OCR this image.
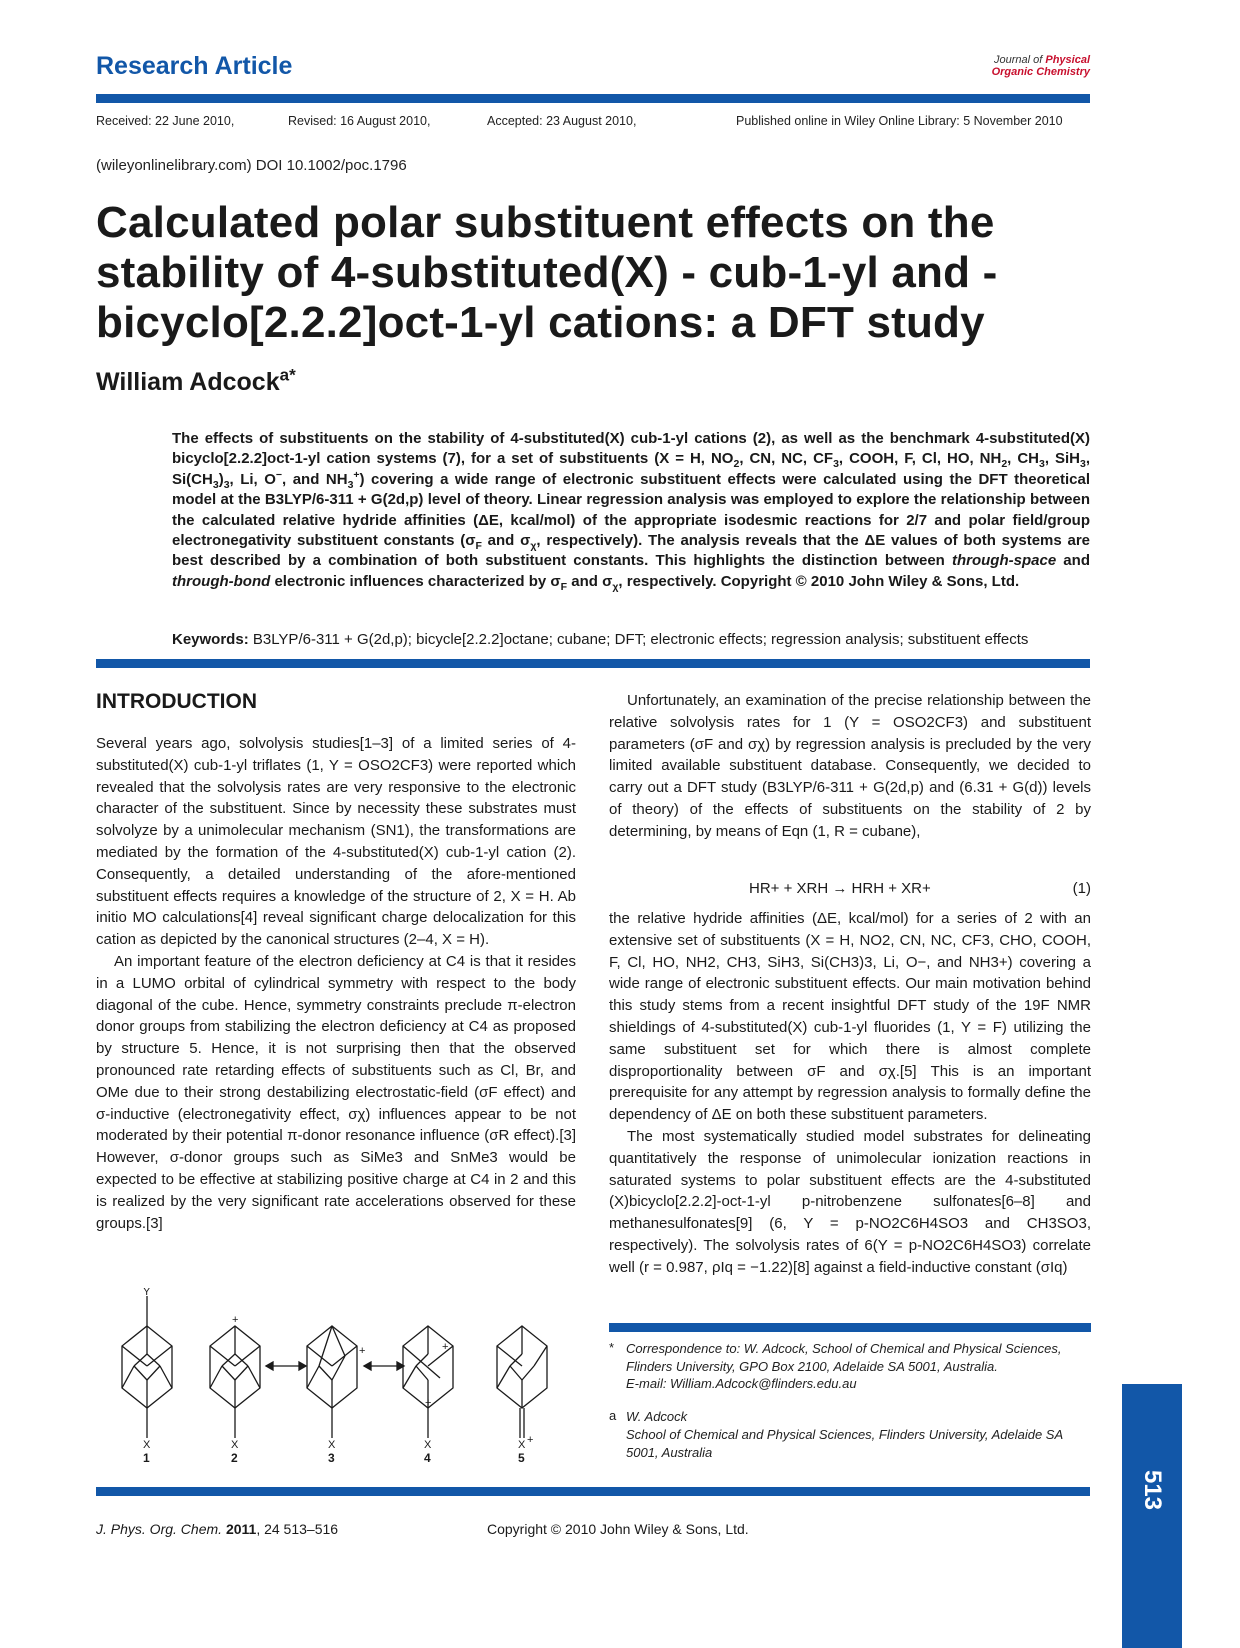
Research Article	Journal of Physical
Organic Chemistry
Received: 22 June 2010,	Revised: 16 August 2010,	Accepted: 23 August 2010,	Published online in Wiley Online Library: 5 November 2010
(wileyonlinelibrary.com) DOI 10.1002/poc.1796
Calculated polar substituent effects on the stability of 4-substituted(X) - cub-1-yl and -bicyclo[2.2.2]oct-1-yl cations: a DFT study
William Adcock$^{a*}$
The effects of substituents on the stability of 4-substituted(X) cub-1-yl cations (2), as well as the benchmark 4-substituted(X) bicyclo[2.2.2]oct-1-yl cation systems (7), for a set of substituents (X = H, $NO_2$, CN, NC, $CF_3$, COOH, F, Cl, HO, $NH_2$, $CH_3$, SiH$_3$, $Si(CH_3)_3$, Li, O−, and $NH_3^+$) covering a wide range of electronic substituent effects were calculated using the DFT theoretical model at the B3LYP/6-311 + G(2d,p) level of theory. Linear regression analysis was employed to explore the relationship between the calculated relative hydride affinities (ΔE, kcal/mol) of the appropriate isodesmic reactions for 2/7 and polar field/group electronegativity substituent constants ($\sigma_F$ and $\sigma_\chi$, respectively). The analysis reveals that the ΔE values of both systems are best described by a combination of both substituent constants. This highlights the distinction between through-space and through-bond electronic influences characterized by $\sigma_F$ and $\sigma_\chi$, respectively. Copyright © 2010 John Wiley & Sons, Ltd.
Keywords: B3LYP/6-311 + G(2d,p); bicycle[2.2.2]octane; cubane; DFT; electronic effects; regression analysis; substituent effects
INTRODUCTION

Several years ago, solvolysis studies[1–3] of a limited series of 4-substituted(X) cub-1-yl triflates (1, Y = OSO2CF3) were reported which revealed that the solvolysis rates are very responsive to the electronic character of the substituent. Since by necessity these substrates must solvolyze by a unimolecular mechanism (SN1), the transformations are mediated by the formation of the 4-substituted(X) cub-1-yl cation (2). Consequently, a detailed understanding of the afore-mentioned substituent effects requires a knowledge of the structure of 2, X = H. Ab initio MO calculations[4] reveal significant charge delocalization for this cation as depicted by the canonical structures (2–4, X = H).

An important feature of the electron deficiency at C4 is that it resides in a LUMO orbital of cylindrical symmetry with respect to the body diagonal of the cube. Hence, symmetry constraints preclude π-electron donor groups from stabilizing the electron deficiency at C4 as proposed by structure 5. Hence, it is not surprising then that the observed pronounced rate retarding effects of substituents such as Cl, Br, and OMe due to their strong destabilizing electrostatic-field (σF effect) and σ-inductive (electronegativity effect, σχ) influences appear to be not moderated by their potential π-donor resonance influence (σR effect).[3] However, σ-donor groups such as SiMe3 and SnMe3 would be expected to be effective at stabilizing positive charge at C4 in 2 and this is realized by the very significant rate accelerations observed for these groups.[3]

Unfortunately, an examination of the precise relationship between the relative solvolysis rates for 1 (Y = OSO2CF3) and substituent parameters (σF and σχ) by regression analysis is precluded by the very limited available substituent database. Consequently, we decided to carry out a DFT study (B3LYP/6-311 + G(2d,p) and (6.31 + G(d)) levels of theory) of the effects of substituents on the stability of 2 by determining, by means of Eqn (1, R = cubane),

HR+ + XRH → HRH + XR+	(1)

the relative hydride affinities (ΔE, kcal/mol) for a series of 2 with an extensive set of substituents (X = H, NO2, CN, NC, CF3, CHO, COOH, F, Cl, HO, NH2, CH3, SiH3, Si(CH3)3, Li, O−, and NH3+) covering a wide range of electronic substituent effects. Our main motivation behind this study stems from a recent insightful DFT study of the 19F NMR shieldings of 4-substituted(X) cub-1-yl fluorides (1, Y = F) utilizing the same substituent set for which there is almost complete disproportionality between σF and σχ.[5] This is an important prerequisite for any attempt by regression analysis to formally define the dependency of ΔE on both these substituent parameters.

The most systematically studied model substrates for delineating quantitatively the response of unimolecular ionization reactions in saturated systems to polar substituent effects are the 4-substituted (X)bicyclo[2.2.2]-oct-1-yl p-nitrobenzene sulfonates[6–8] and methanesulfonates[9] (6, Y = p-NO2C6H4SO3 and CH3SO3, respectively). The solvolysis rates of 6(Y = p-NO2C6H4SO3) correlate well (r = 0.987, ρIq = −1.22)[8] against a field-inductive constant (σIq)

Y
+
+	+
+
+
X	X	X	X	X
1	2	3	4	5
* Correspondence to: W. Adcock, School of Chemical and Physical Sciences, Flinders University, GPO Box 2100, Adelaide SA 5001, Australia.
E-mail: William.Adcock@flinders.edu.au
a W. Adcock
School of Chemical and Physical Sciences, Flinders University, Adelaide SA 5001, Australia
513
J. Phys. Org. Chem. 2011, 24 513–516	Copyright © 2010 John Wiley & Sons, Ltd.
